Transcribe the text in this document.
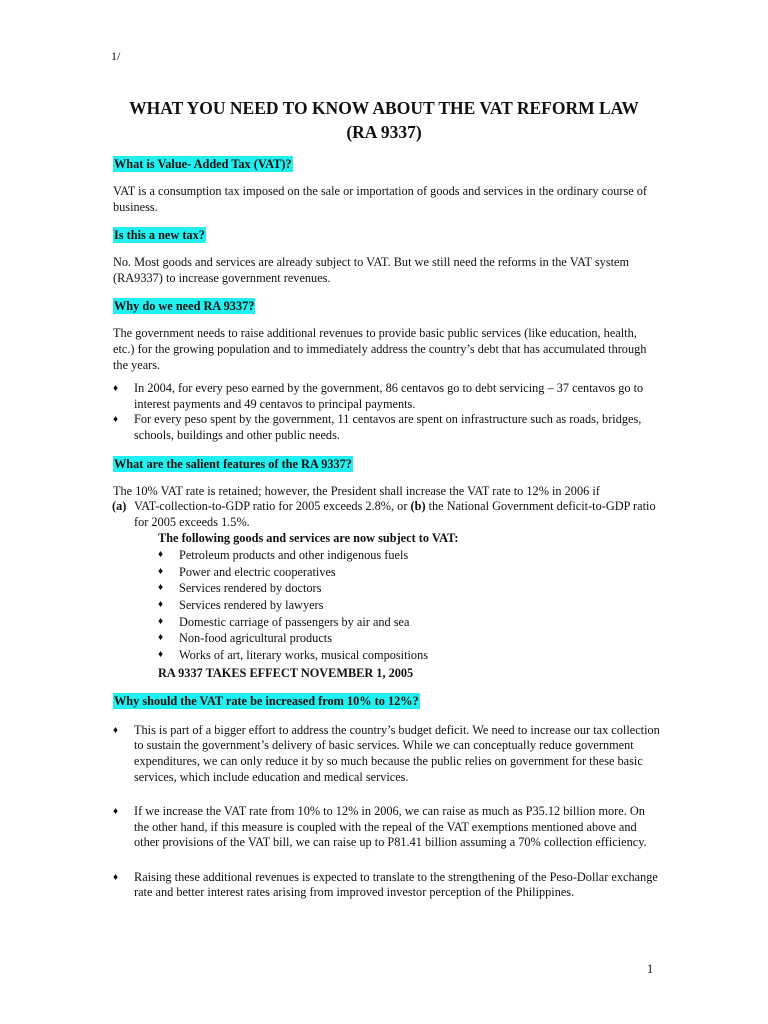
1/
WHAT YOU NEED TO KNOW ABOUT THE VAT REFORM LAW
(RA 9337)
What is Value- Added Tax (VAT)?

VAT is a consumption tax imposed on the sale or importation of goods and services in the ordinary course of business.

Is this a new tax?

No. Most goods and services are already subject to VAT. But we still need the reforms in the VAT system (RA9337) to increase government revenues.

Why do we need RA 9337?

The government needs to raise additional revenues to provide basic public services (like education, health, etc.) for the growing population and to immediately address the country’s debt that has accumulated through the years.

♦ In 2004, for every peso earned by the government, 86 centavos go to debt servicing – 37 centavos go to interest payments and 49 centavos to principal payments.
♦ For every peso spent by the government, 11 centavos are spent on infrastructure such as roads, bridges, schools, buildings and other public needs.
What are the salient features of the RA 9337?

The 10% VAT rate is retained; however, the President shall increase the VAT rate to 12% in 2006 if

(a) VAT-collection-to-GDP ratio for 2005 exceeds 2.8%, or (b) the National Government deficit-to-GDP ratio for 2005 exceeds 1.5%.
The following goods and services are now subject to VAT:
♦ Petroleum products and other indigenous fuels
♦ Power and electric cooperatives
♦ Services rendered by doctors
♦ Services rendered by lawyers
♦ Domestic carriage of passengers by air and sea
♦ Non-food agricultural products
♦ Works of art, literary works, musical compositions
RA 9337 TAKES EFFECT NOVEMBER 1, 2005
Why should the VAT rate be increased from 10% to 12%?
♦ This is part of a bigger effort to address the country’s budget deficit. We need to increase our tax collection to sustain the government’s delivery of basic services. While we can conceptually reduce government expenditures, we can only reduce it by so much because the public relies on government for these basic services, which include education and medical services.
♦ If we increase the VAT rate from 10% to 12% in 2006, we can raise as much as P35.12 billion more. On the other hand, if this measure is coupled with the repeal of the VAT exemptions mentioned above and other provisions of the VAT bill, we can raise up to P81.41 billion assuming a 70% collection efficiency.
♦ Raising these additional revenues is expected to translate to the strengthening of the Peso-Dollar exchange rate and better interest rates arising from improved investor perception of the Philippines.
1
